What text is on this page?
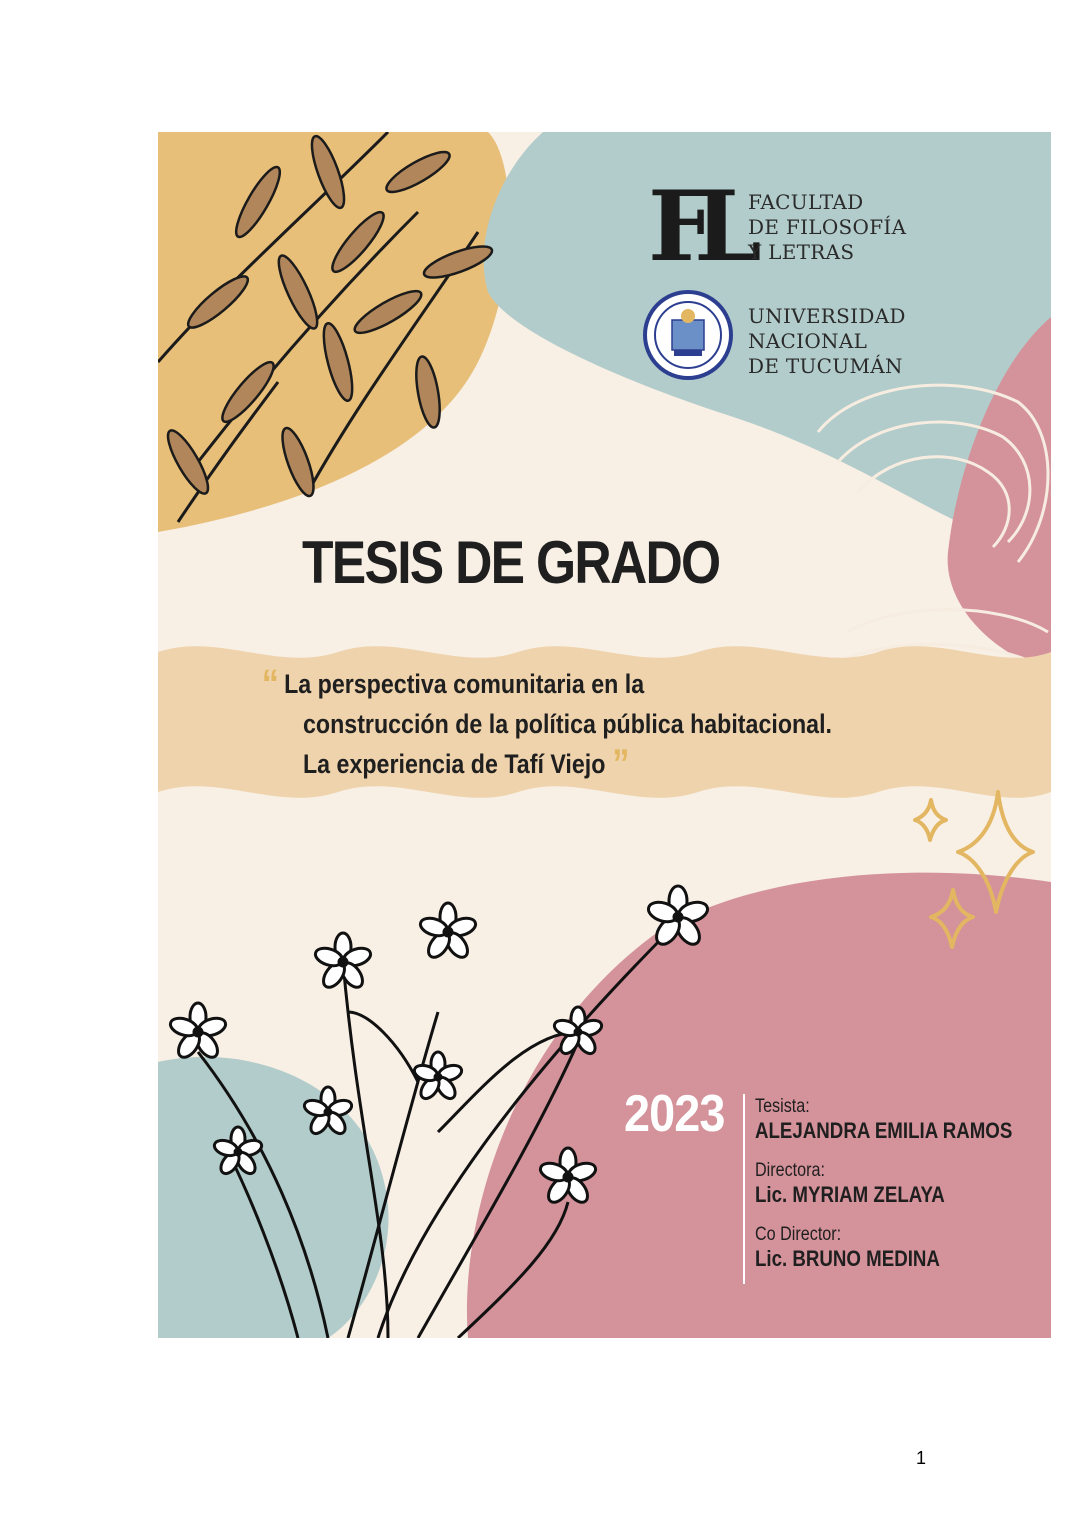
FL FACULTAD
DE FILOSOFÍA
Y LETRAS
UNIVERSIDAD
NACIONAL
DE TUCUMÁN
TESIS DE GRADO
“ La perspectiva comunitaria en la
construcción de la política pública habitacional.
La experiencia de Tafí Viejo ”
2023 Tesista:
ALEJANDRA EMILIA RAMOS
Directora:
Lic. MYRIAM ZELAYA
Co Director:
Lic. BRUNO MEDINA
1
